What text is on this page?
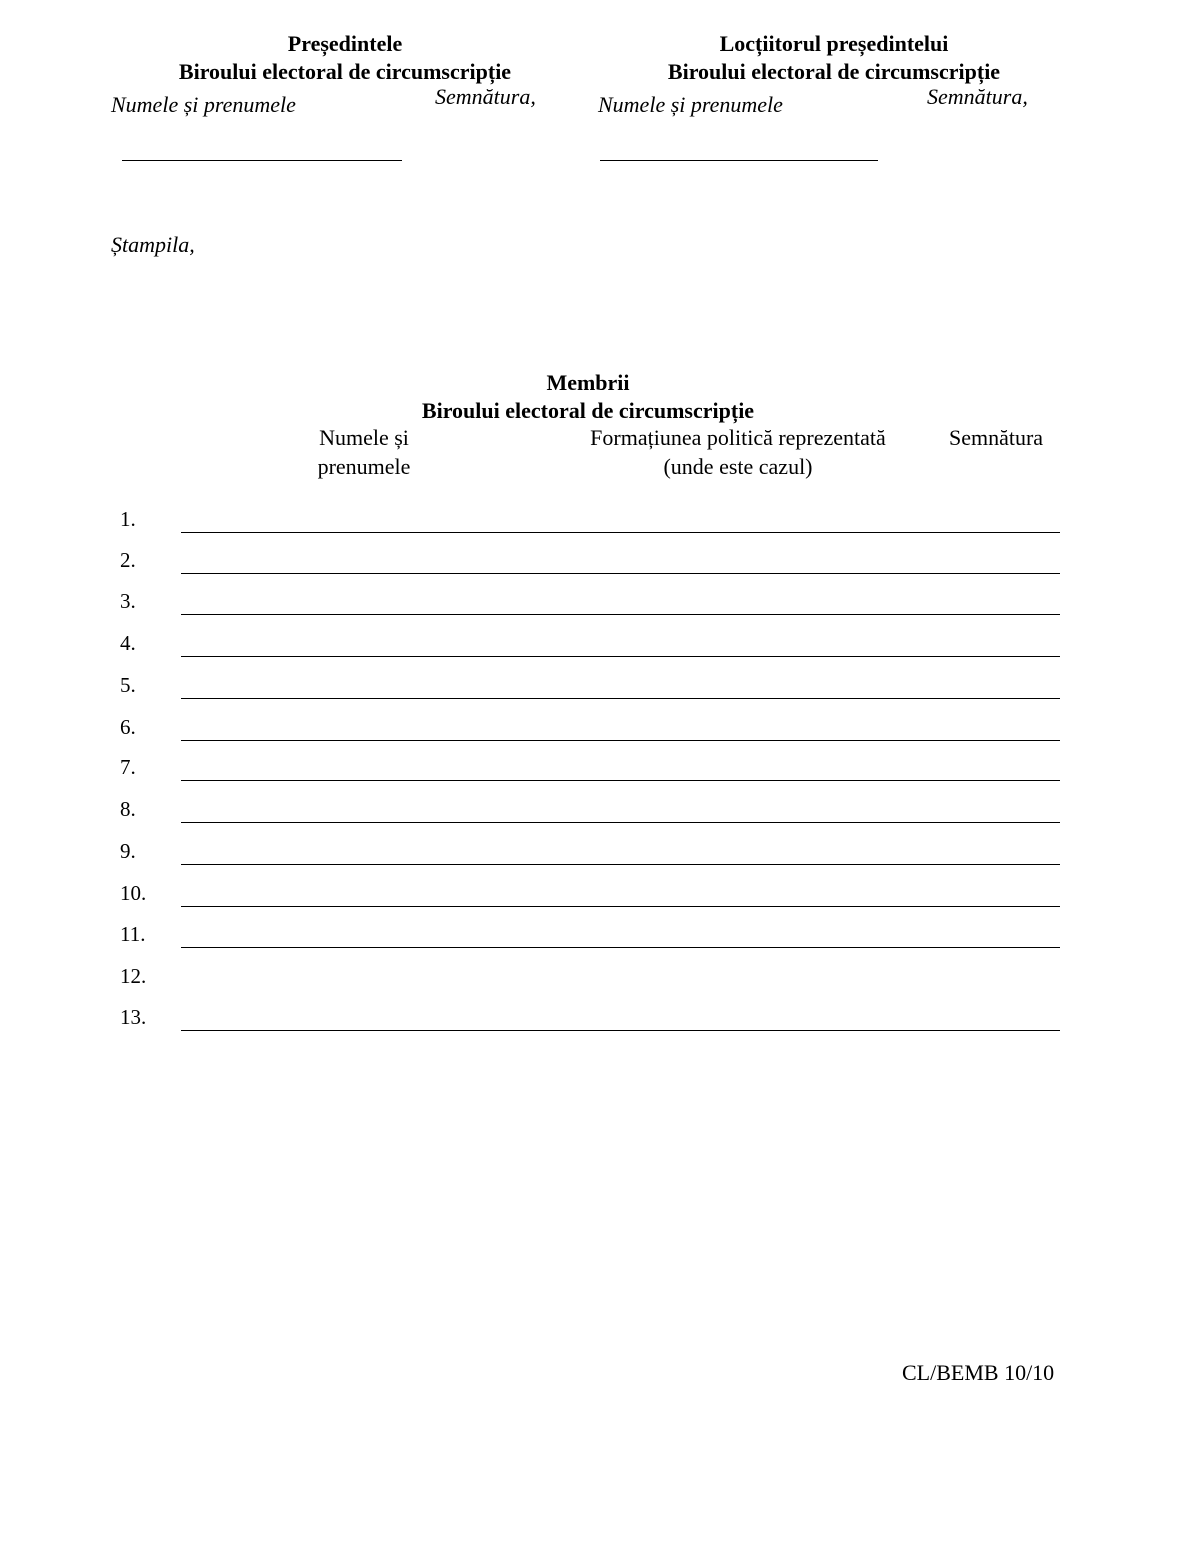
Președintele
Biroului electoral de circumscripție
Numele și prenumele	Semnătura,
Locțiitorul președintelui
Biroului electoral de circumscripție
Numele și prenumele	Semnătura,
Ștampila,
Membrii
Biroului electoral de circumscripție
Numele și
prenumele
Formațiunea politică reprezentată
(unde este cazul)
Semnătura
1.
2.
3.
4.
5.
6.
7.
8.
9.
10.
11.
12.
13.
CL/BEMB 10/10
